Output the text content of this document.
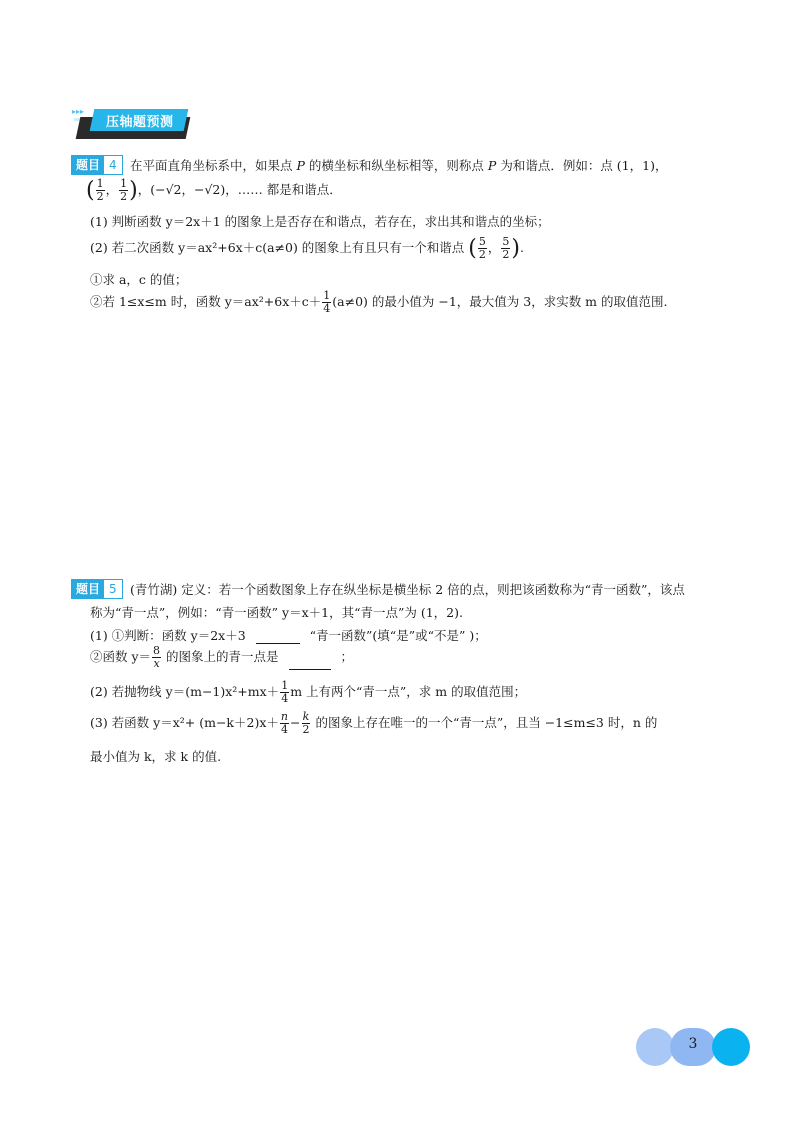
▸▸▸
压轴题预测
题目 4	在平面直角坐标系中，如果点 P 的横坐标和纵坐标相等，则称点 P 为和谐点．例如：点 (1，1)，
( $\frac{1}{2}$ ， $\frac{1}{2}$ )，(−√2，−√2)，…… 都是和谐点．
(1) 判断函数 y＝2x＋1 的图象上是否存在和谐点，若存在，求出其和谐点的坐标；
(2) 若二次函数 y＝ax²+6x＋c(a≠0) 的图象上有且只有一个和谐点 ( $\frac{5}{2}$ ， $\frac{5}{2}$ ).
①求 a，c 的值；
②若 1≤x≤m 时，函数 $y=ax^2+6x+c+ \frac{1}{4} (a\ne 0)$ 的最小值为 −1，最大值为 3，求实数 m 的取值范围.
题目 5	(青竹湖) 定义：若一个函数图象上存在纵坐标是横坐标 2 倍的点，则把该函数称为“青一函数”，该点
称为“青一点”，例如：“青一函数” y＝x＋1，其“青一点”为 (1，2).
(1) ①判断：函数 y＝2x＋3	“青一函数”(填“是”或“不是” )；
②函数 $y= \frac{8}{x}$ 的图象上的青一点是	；
(2) 若抛物线 $y=(m-1)x^2+mx+ \frac{1}{4}$ m 上有两个“青一点”，求 m 的取值范围；
(3) 若函数 $y=x^2+ (m-k+2)x+ \frac{n}{4} - \frac{k}{2}$ 的图象上存在唯一的一个“青一点”，且当 −1≤m≤3 时，n 的
最小值为 k，求 k 的值.
3
